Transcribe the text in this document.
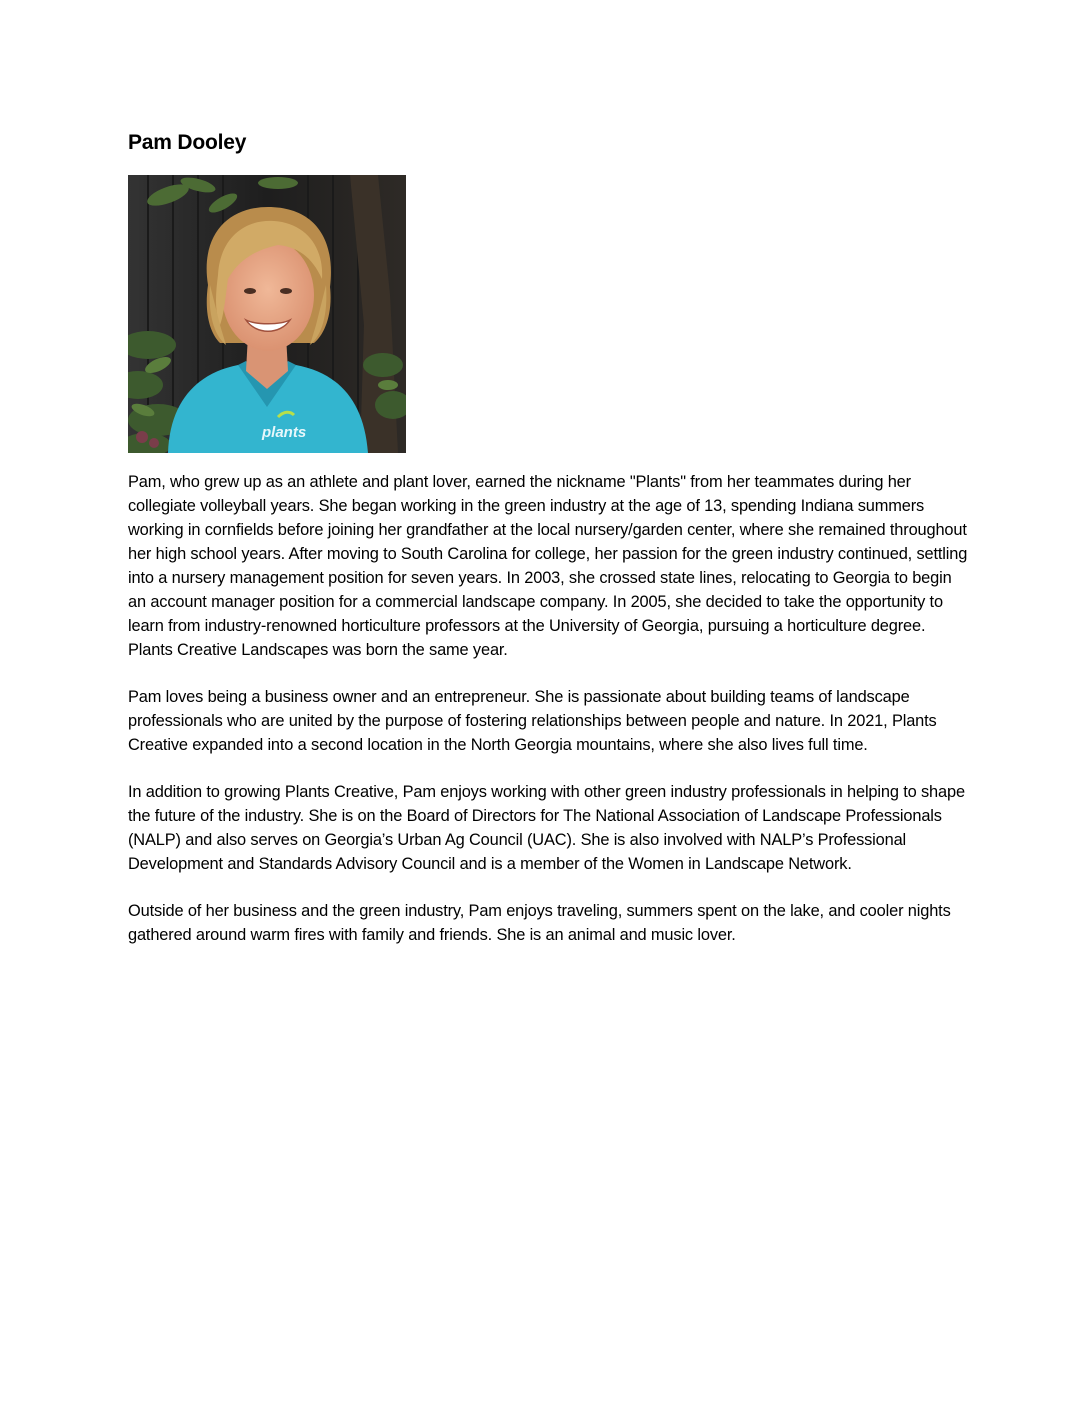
Pam Dooley
plants

Pam, who grew up as an athlete and plant lover, earned the nickname "Plants" from her teammates during her collegiate volleyball years. She began working in the green industry at the age of 13, spending Indiana summers working in cornfields before joining her grandfather at the local nursery/garden center, where she remained throughout her high school years. After moving to South Carolina for college, her passion for the green industry continued, settling into a nursery management position for seven years. In 2003, she crossed state lines, relocating to Georgia to begin an account manager position for a commercial landscape company. In 2005, she decided to take the opportunity to learn from industry-renowned horticulture professors at the University of Georgia, pursuing a horticulture degree. Plants Creative Landscapes was born the same year.

Pam loves being a business owner and an entrepreneur. She is passionate about building teams of landscape professionals who are united by the purpose of fostering relationships between people and nature. In 2021, Plants Creative expanded into a second location in the North Georgia mountains, where she also lives full time.

In addition to growing Plants Creative, Pam enjoys working with other green industry professionals in helping to shape the future of the industry. She is on the Board of Directors for The National Association of Landscape Professionals (NALP) and also serves on Georgia’s Urban Ag Council (UAC). She is also involved with NALP’s Professional Development and Standards Advisory Council and is a member of the Women in Landscape Network.

Outside of her business and the green industry, Pam enjoys traveling, summers spent on the lake, and cooler nights gathered around warm fires with family and friends. She is an animal and music lover.
